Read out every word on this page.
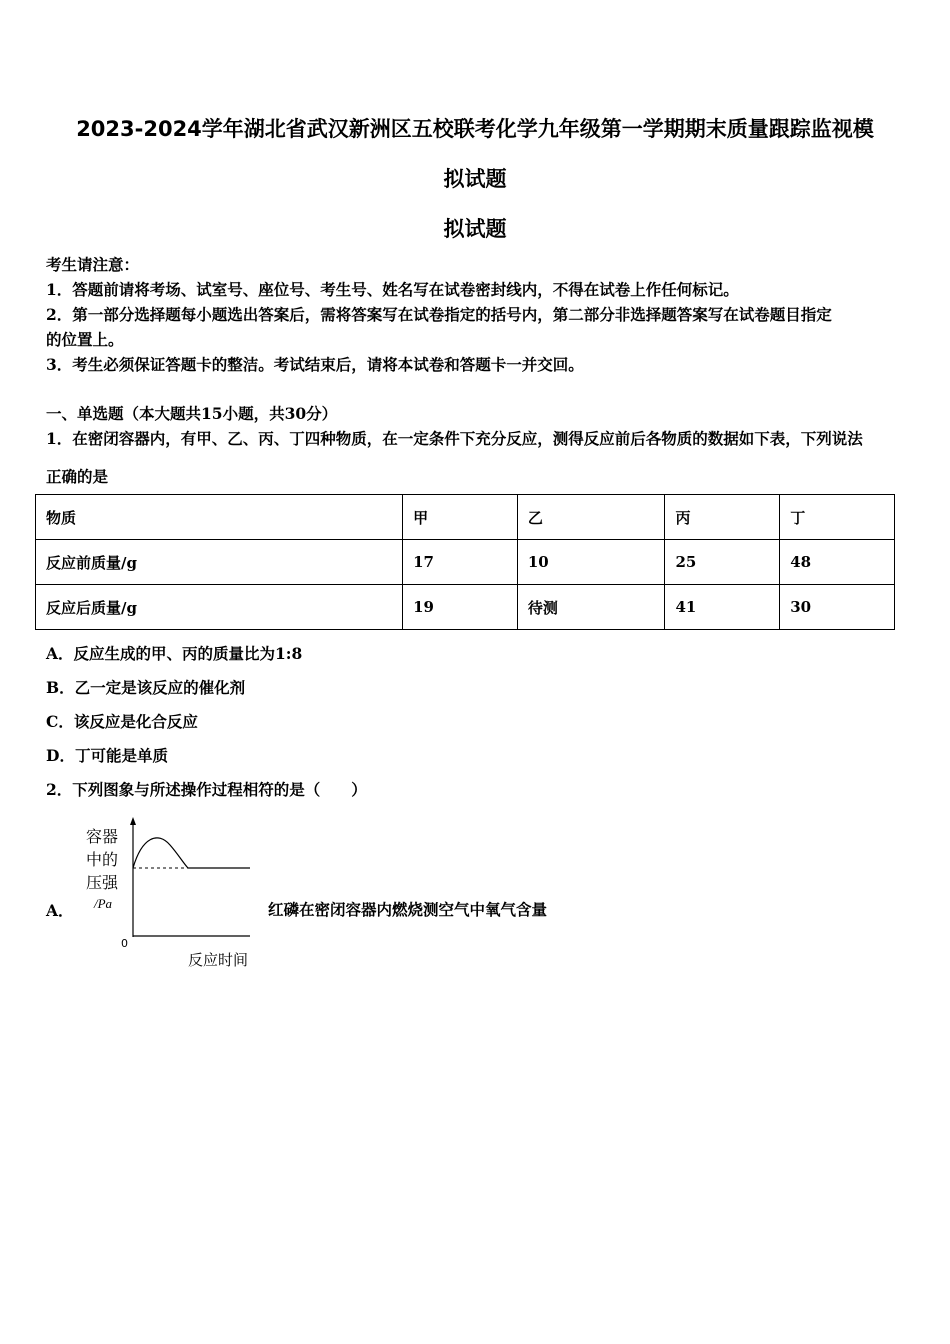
2023-2024学年湖北省武汉新洲区五校联考化学九年级第一学期期末质量跟踪监视模
拟试题
拟试题
考生请注意：
1．答题前请将考场、试室号、座位号、考生号、姓名写在试卷密封线内，不得在试卷上作任何标记。
2．第一部分选择题每小题选出答案后，需将答案写在试卷指定的括号内，第二部分非选择题答案写在试卷题目指定
的位置上。
3．考生必须保证答题卡的整洁。考试结束后，请将本试卷和答题卡一并交回。
一、单选题（本大题共15小题，共30分）
1．在密闭容器内，有甲、乙、丙、丁四种物质，在一定条件下充分反应，测得反应前后各物质的数据如下表，下列说法
正确的是
物质	甲	乙	丙	丁
反应前质量/g	17	10	25	48
反应后质量/g	19	待测	41	30
A．反应生成的甲、丙的质量比为1:8
B．乙一定是该反应的催化剂
C．该反应是化合反应
D．丁可能是单质
2．下列图象与所述操作过程相符的是（　　）
A．
容器
中的
压强
/Pa
0
反应时间
红磷在密闭容器内燃烧测空气中氧气含量
